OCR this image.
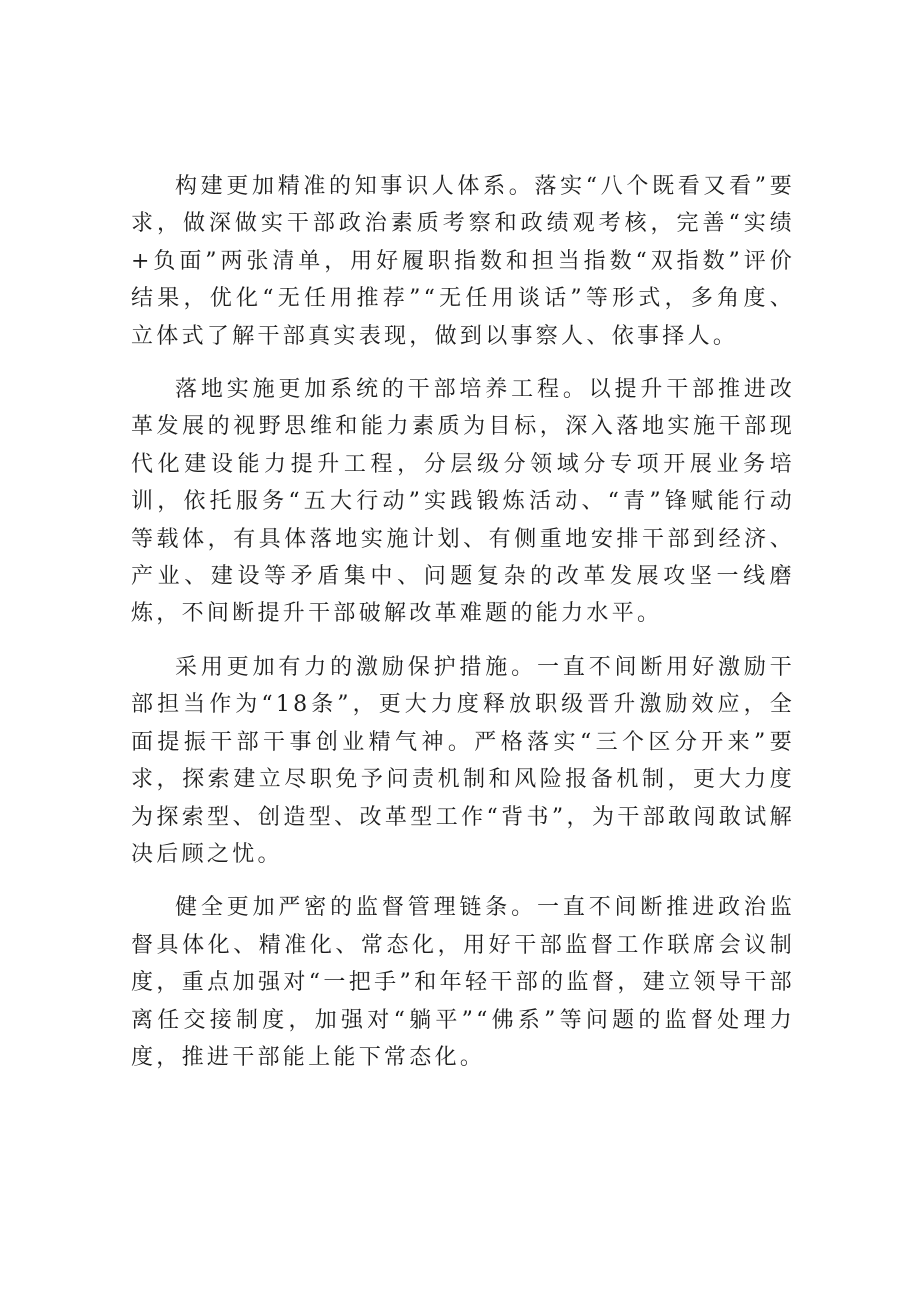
构建更加精准的知事识人体系。落实“八个既看又看”要求，做深做实干部政治素质考察和政绩观考核，完善“实绩+负面”两张清单，用好履职指数和担当指数“双指数”评价结果，优化“无任用推荐”“无任用谈话”等形式，多角度、立体式了解干部真实表现，做到以事察人、依事择人。

落地实施更加系统的干部培养工程。以提升干部推进改革发展的视野思维和能力素质为目标，深入落地实施干部现代化建设能力提升工程，分层级分领域分专项开展业务培训，依托服务“五大行动”实践锻炼活动、“青”锋赋能行动等载体，有具体落地实施计划、有侧重地安排干部到经济、产业、建设等矛盾集中、问题复杂的改革发展攻坚一线磨炼，不间断提升干部破解改革难题的能力水平。

采用更加有力的激励保护措施。一直不间断用好激励干部担当作为“18条”，更大力度释放职级晋升激励效应，全面提振干部干事创业精气神。严格落实“三个区分开来”要求，探索建立尽职免予问责机制和风险报备机制，更大力度为探索型、创造型、改革型工作“背书”，为干部敢闯敢试解决后顾之忧。

健全更加严密的监督管理链条。一直不间断推进政治监督具体化、精准化、常态化，用好干部监督工作联席会议制度，重点加强对“一把手”和年轻干部的监督，建立领导干部离任交接制度，加强对“躺平”“佛系”等问题的监督处理力度，推进干部能上能下常态化。
